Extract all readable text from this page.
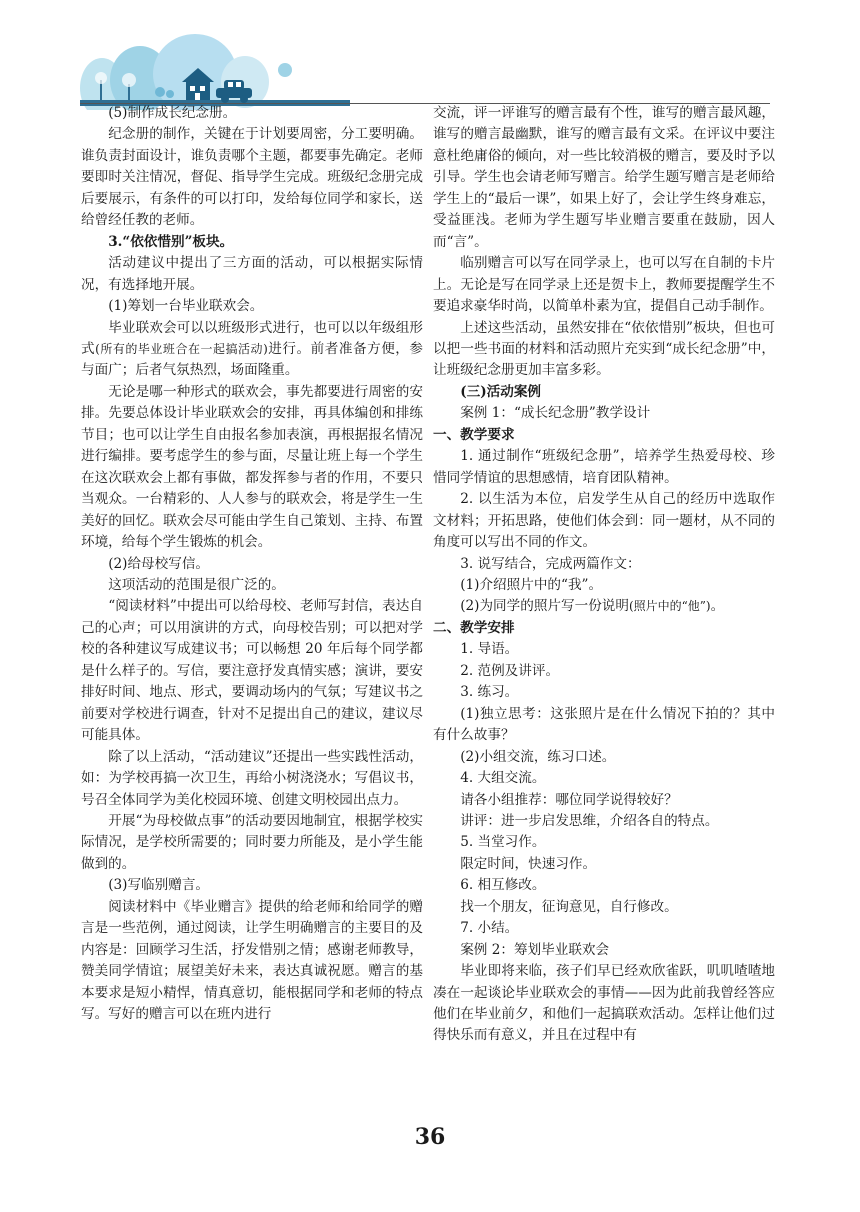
(5)制作成长纪念册。

纪念册的制作，关键在于计划要周密，分工要明确。谁负责封面设计，谁负责哪个主题，都要事先确定。老师要即时关注情况，督促、指导学生完成。班级纪念册完成后要展示，有条件的可以打印，发给每位同学和家长，送给曾经任教的老师。

3.“依依惜别”板块。

活动建议中提出了三方面的活动，可以根据实际情况，有选择地开展。

(1)筹划一台毕业联欢会。

毕业联欢会可以以班级形式进行，也可以以年级组形式(所有的毕业班合在一起搞活动)进行。前者准备方便，参与面广；后者气氛热烈，场面隆重。

无论是哪一种形式的联欢会，事先都要进行周密的安排。先要总体设计毕业联欢会的安排，再具体编创和排练节目；也可以让学生自由报名参加表演，再根据报名情况进行编排。要考虑学生的参与面，尽量让班上每一个学生在这次联欢会上都有事做，都发挥参与者的作用，不要只当观众。一台精彩的、人人参与的联欢会，将是学生一生美好的回忆。联欢会尽可能由学生自己策划、主持、布置环境，给每个学生锻炼的机会。

(2)给母校写信。

这项活动的范围是很广泛的。

“阅读材料”中提出可以给母校、老师写封信，表达自己的心声；可以用演讲的方式，向母校告别；可以把对学校的各种建议写成建议书；可以畅想 20 年后每个同学都是什么样子的。写信，要注意抒发真情实感；演讲，要安排好时间、地点、形式，要调动场内的气氛；写建议书之前要对学校进行调查，针对不足提出自己的建议，建议尽可能具体。

除了以上活动，“活动建议”还提出一些实践性活动，如：为学校再搞一次卫生，再给小树浇浇水；写倡议书，号召全体同学为美化校园环境、创建文明校园出点力。

开展“为母校做点事”的活动要因地制宜，根据学校实际情况，是学校所需要的；同时要力所能及，是小学生能做到的。

(3)写临别赠言。

阅读材料中《毕业赠言》提供的给老师和给同学的赠言是一些范例，通过阅读，让学生明确赠言的主要目的及内容是：回顾学习生活，抒发惜别之情；感谢老师教导，赞美同学情谊；展望美好未来，表达真诚祝愿。赠言的基本要求是短小精悍，情真意切，能根据同学和老师的特点写。写好的赠言可以在班内进行

交流，评一评谁写的赠言最有个性，谁写的赠言最风趣，谁写的赠言最幽默，谁写的赠言最有文采。在评议中要注意杜绝庸俗的倾向，对一些比较消极的赠言，要及时予以引导。学生也会请老师写赠言。给学生题写赠言是老师给学生上的“最后一课”，如果上好了，会让学生终身难忘，受益匪浅。老师为学生题写毕业赠言要重在鼓励，因人而“言”。

临别赠言可以写在同学录上，也可以写在自制的卡片上。无论是写在同学录上还是贺卡上，教师要提醒学生不要追求豪华时尚，以简单朴素为宜，提倡自己动手制作。

上述这些活动，虽然安排在“依依惜别”板块，但也可以把一些书面的材料和活动照片充实到“成长纪念册”中，让班级纪念册更加丰富多彩。

(三)活动案例

案例 1：“成长纪念册”教学设计

一、教学要求

1. 通过制作“班级纪念册”，培养学生热爱母校、珍惜同学情谊的思想感情，培育团队精神。

2. 以生活为本位，启发学生从自己的经历中选取作文材料；开拓思路，使他们体会到：同一题材，从不同的角度可以写出不同的作文。

3. 说写结合，完成两篇作文：

(1)介绍照片中的“我”。

(2)为同学的照片写一份说明(照片中的“他”)。

二、教学安排

1. 导语。

2. 范例及讲评。

3. 练习。

(1)独立思考：这张照片是在什么情况下拍的？其中有什么故事？

(2)小组交流，练习口述。

4. 大组交流。

请各小组推荐：哪位同学说得较好？

讲评：进一步启发思维，介绍各自的特点。

5. 当堂习作。

限定时间，快速习作。

6. 相互修改。

找一个朋友，征询意见，自行修改。

7. 小结。

案例 2：筹划毕业联欢会

毕业即将来临，孩子们早已经欢欣雀跃，叽叽喳喳地凑在一起谈论毕业联欢会的事情——因为此前我曾经答应他们在毕业前夕，和他们一起搞联欢活动。怎样让他们过得快乐而有意义，并且在过程中有

36
